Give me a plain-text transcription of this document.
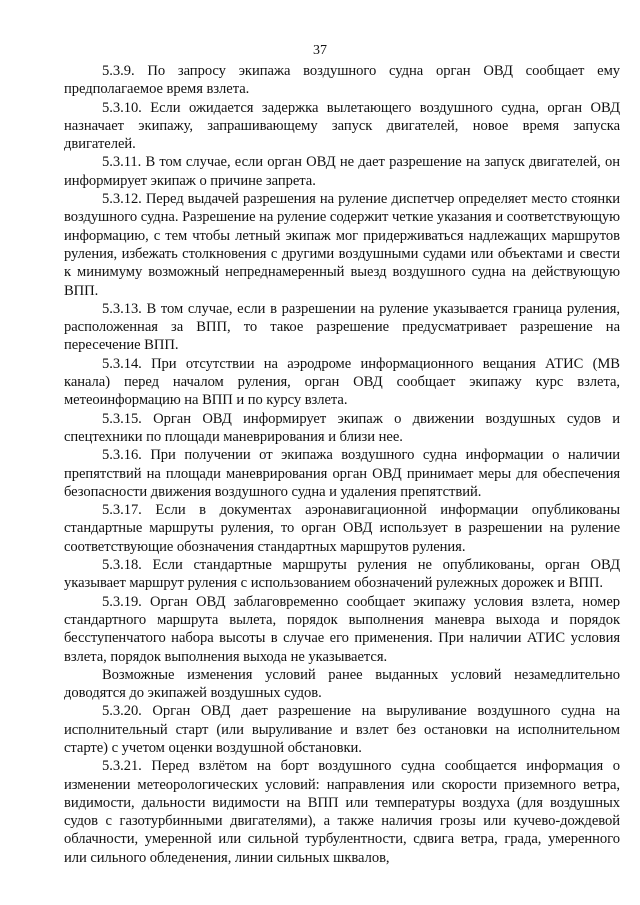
37

5.3.9. По запросу экипажа воздушного судна орган ОВД сообщает ему предполагаемое время взлета.

5.3.10. Если ожидается задержка вылетающего воздушного судна, орган ОВД назначает экипажу, запрашивающему запуск двигателей, новое время запуска двигателей.

5.3.11. В том случае, если орган ОВД не дает разрешение на запуск двигателей, он информирует экипаж о причине запрета.

5.3.12. Перед выдачей разрешения на руление диспетчер определяет место стоянки воздушного судна. Разрешение на руление содержит четкие указания и соответствующую информацию, с тем чтобы летный экипаж мог придерживаться надлежащих маршрутов руления, избежать столкновения с другими воздушными судами или объектами и свести к минимуму возможный непреднамеренный выезд воздушного судна на действующую ВПП.

5.3.13. В том случае, если в разрешении на руление указывается граница руления, расположенная за ВПП, то такое разрешение предусматривает разрешение на пересечение ВПП.

5.3.14. При отсутствии на аэродроме информационного вещания АТИС (МВ канала) перед началом руления, орган ОВД сообщает экипажу курс взлета, метеоинформацию на ВПП и по курсу взлета.

5.3.15. Орган ОВД информирует экипаж о движении воздушных судов и спецтехники по площади маневрирования и близи нее.

5.3.16. При получении от экипажа воздушного судна информации о наличии препятствий на площади маневрирования орган ОВД принимает меры для обеспечения безопасности движения воздушного судна и удаления препятствий.

5.3.17. Если в документах аэронавигационной информации опубликованы стандартные маршруты руления, то орган ОВД использует в разрешении на руление соответствующие обозначения стандартных маршрутов руления.

5.3.18. Если стандартные маршруты руления не опубликованы, орган ОВД указывает маршрут руления с использованием обозначений рулежных дорожек и ВПП.

5.3.19. Орган ОВД заблаговременно сообщает экипажу условия взлета, номер стандартного маршрута вылета, порядок выполнения маневра выхода и порядок бесступенчатого набора высоты в случае его применения. При наличии АТИС условия взлета, порядок выполнения выхода не указывается.

Возможные изменения условий ранее выданных условий незамедлительно доводятся до экипажей воздушных судов.

5.3.20. Орган ОВД дает разрешение на выруливание воздушного судна на исполнительный старт (или выруливание и взлет без остановки на исполнительном старте) с учетом оценки воздушной обстановки.

5.3.21. Перед взлётом на борт воздушного судна сообщается информация о изменении метеорологических условий: направления или скорости приземного ветра, видимости, дальности видимости на ВПП или температуры воздуха (для воздушных судов с газотурбинными двигателями), а также наличия грозы или кучево-дождевой облачности, умеренной или сильной турбулентности, сдвига ветра, града, умеренного или сильного обледенения, линии сильных шквалов,
